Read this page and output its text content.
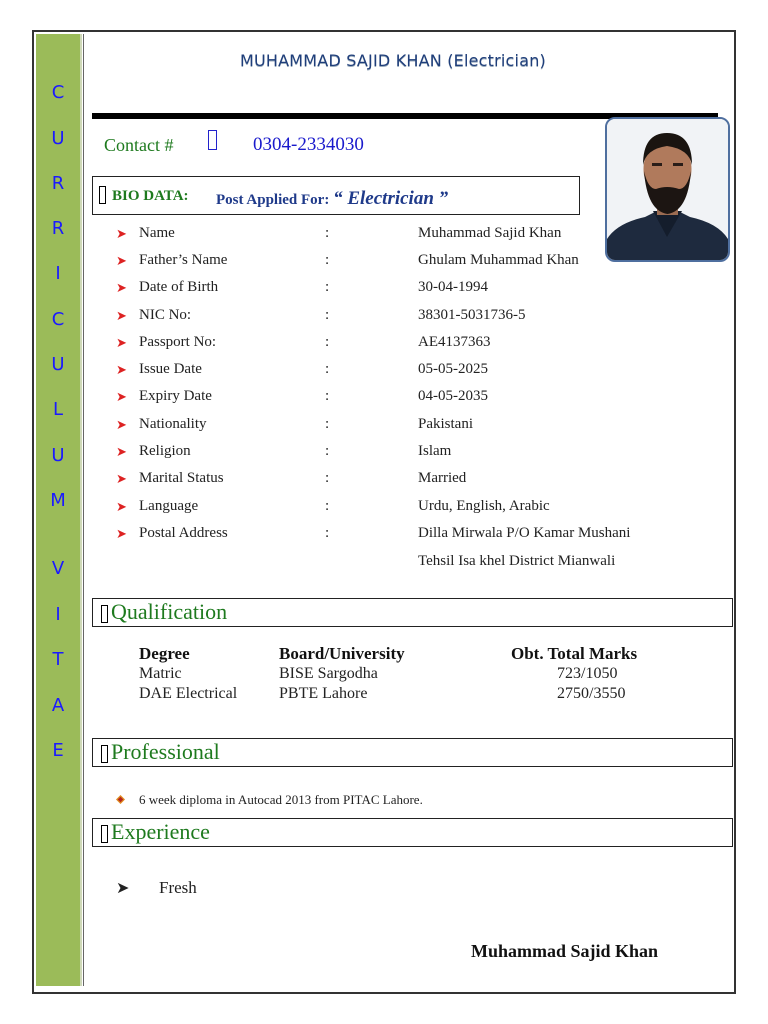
C
U
R
R
I
C
U
L
U
M
V
I
T
A
E
MUHAMMAD SAJID KHAN (Electrician)
Contact #	0304-2334030
BIO DATA: Post Applied For: “ Electrician ”
➤ Name	:	Muhammad Sajid Khan
➤ Father’s Name	:	Ghulam Muhammad Khan
➤ Date of Birth	:	30-04-1994
➤ NIC No:	:	38301-5031736-5
➤ Passport No:	:	AE4137363
➤ Issue Date	:	05-05-2025
➤ Expiry Date	:	04-05-2035
➤ Nationality	:	Pakistani
➤ Religion	:	Islam
➤ Marital Status	:	Married
➤ Language	:	Urdu, English, Arabic
➤ Postal Address	:	Dilla Mirwala P/O Kamar Mushani
Tehsil Isa khel District Mianwali
Qualification
Degree	Board/University	Obt. Total Marks
Matric	BISE Sargodha	723/1050
DAE Electrical	PBTE Lahore	2750/3550
Professional
6 week diploma in Autocad 2013 from PITAC Lahore.
Experience
➤ Fresh
Muhammad Sajid Khan
